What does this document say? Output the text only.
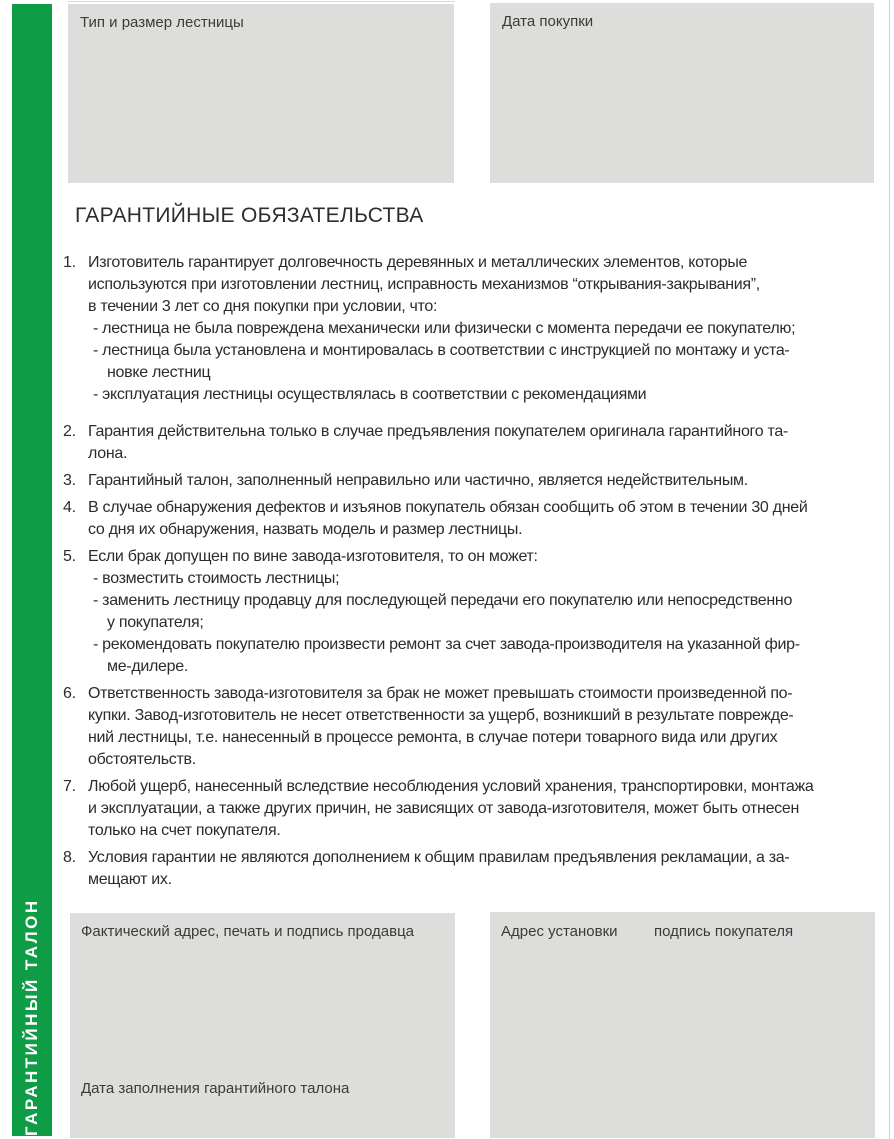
ГАРАНТИЙНЫЙ ТАЛОН
Тип и размер лестницы	Дата покупки
ГАРАНТИЙНЫЕ ОБЯЗАТЕЛЬСТВА
1. Изготовитель гарантирует долговечность деревянных и металлических элементов, которые
используются при изготовлении лестниц, исправность механизмов “открывания-закрывания”,
в течении 3 лет со дня покупки при условии, что:
- лестница не была повреждена механически или физически с момента передачи ее покупателю;
- лестница была установлена и монтировалась в соответствии с инструкцией по монтажу и уста-
новке лестниц
- эксплуатация лестницы осуществлялась в соответствии с рекомендациями
2. Гарантия действительна только в случае предъявления покупателем оригинала гарантийного та-
лона.
3. Гарантийный талон, заполненный неправильно или частично, является недействительным.
4. В случае обнаружения дефектов и изъянов покупатель обязан сообщить об этом в течении 30 дней
со дня их обнаружения, назвать модель и размер лестницы.
5. Если брак допущен по вине завода-изготовителя, то он может:
- возместить стоимость лестницы;
- заменить лестницу продавцу для последующей передачи его покупателю или непосредственно
у покупателя;
- рекомендовать покупателю произвести ремонт за счет завода-производителя на указанной фир-
ме-дилере.
6. Ответственность завода-изготовителя за брак не может превышать стоимости произведенной по-
купки. Завод-изготовитель не несет ответственности за ущерб, возникший в результате поврежде-
ний лестницы, т.е. нанесенный в процессе ремонта, в случае потери товарного вида или других
обстоятельств.
7. Любой ущерб, нанесенный вследствие несоблюдения условий хранения, транспортировки, монтажа
и эксплуатации, а также других причин, не зависящих от завода-изготовителя, может быть отнесен
только на счет покупателя.
8. Условия гарантии не являются дополнением к общим правилам предъявления рекламации, а за-
мещают их.
Фактический адрес, печать и подпись продавца
Дата заполнения гарантийного талона
Адрес установки подпись покупателя
